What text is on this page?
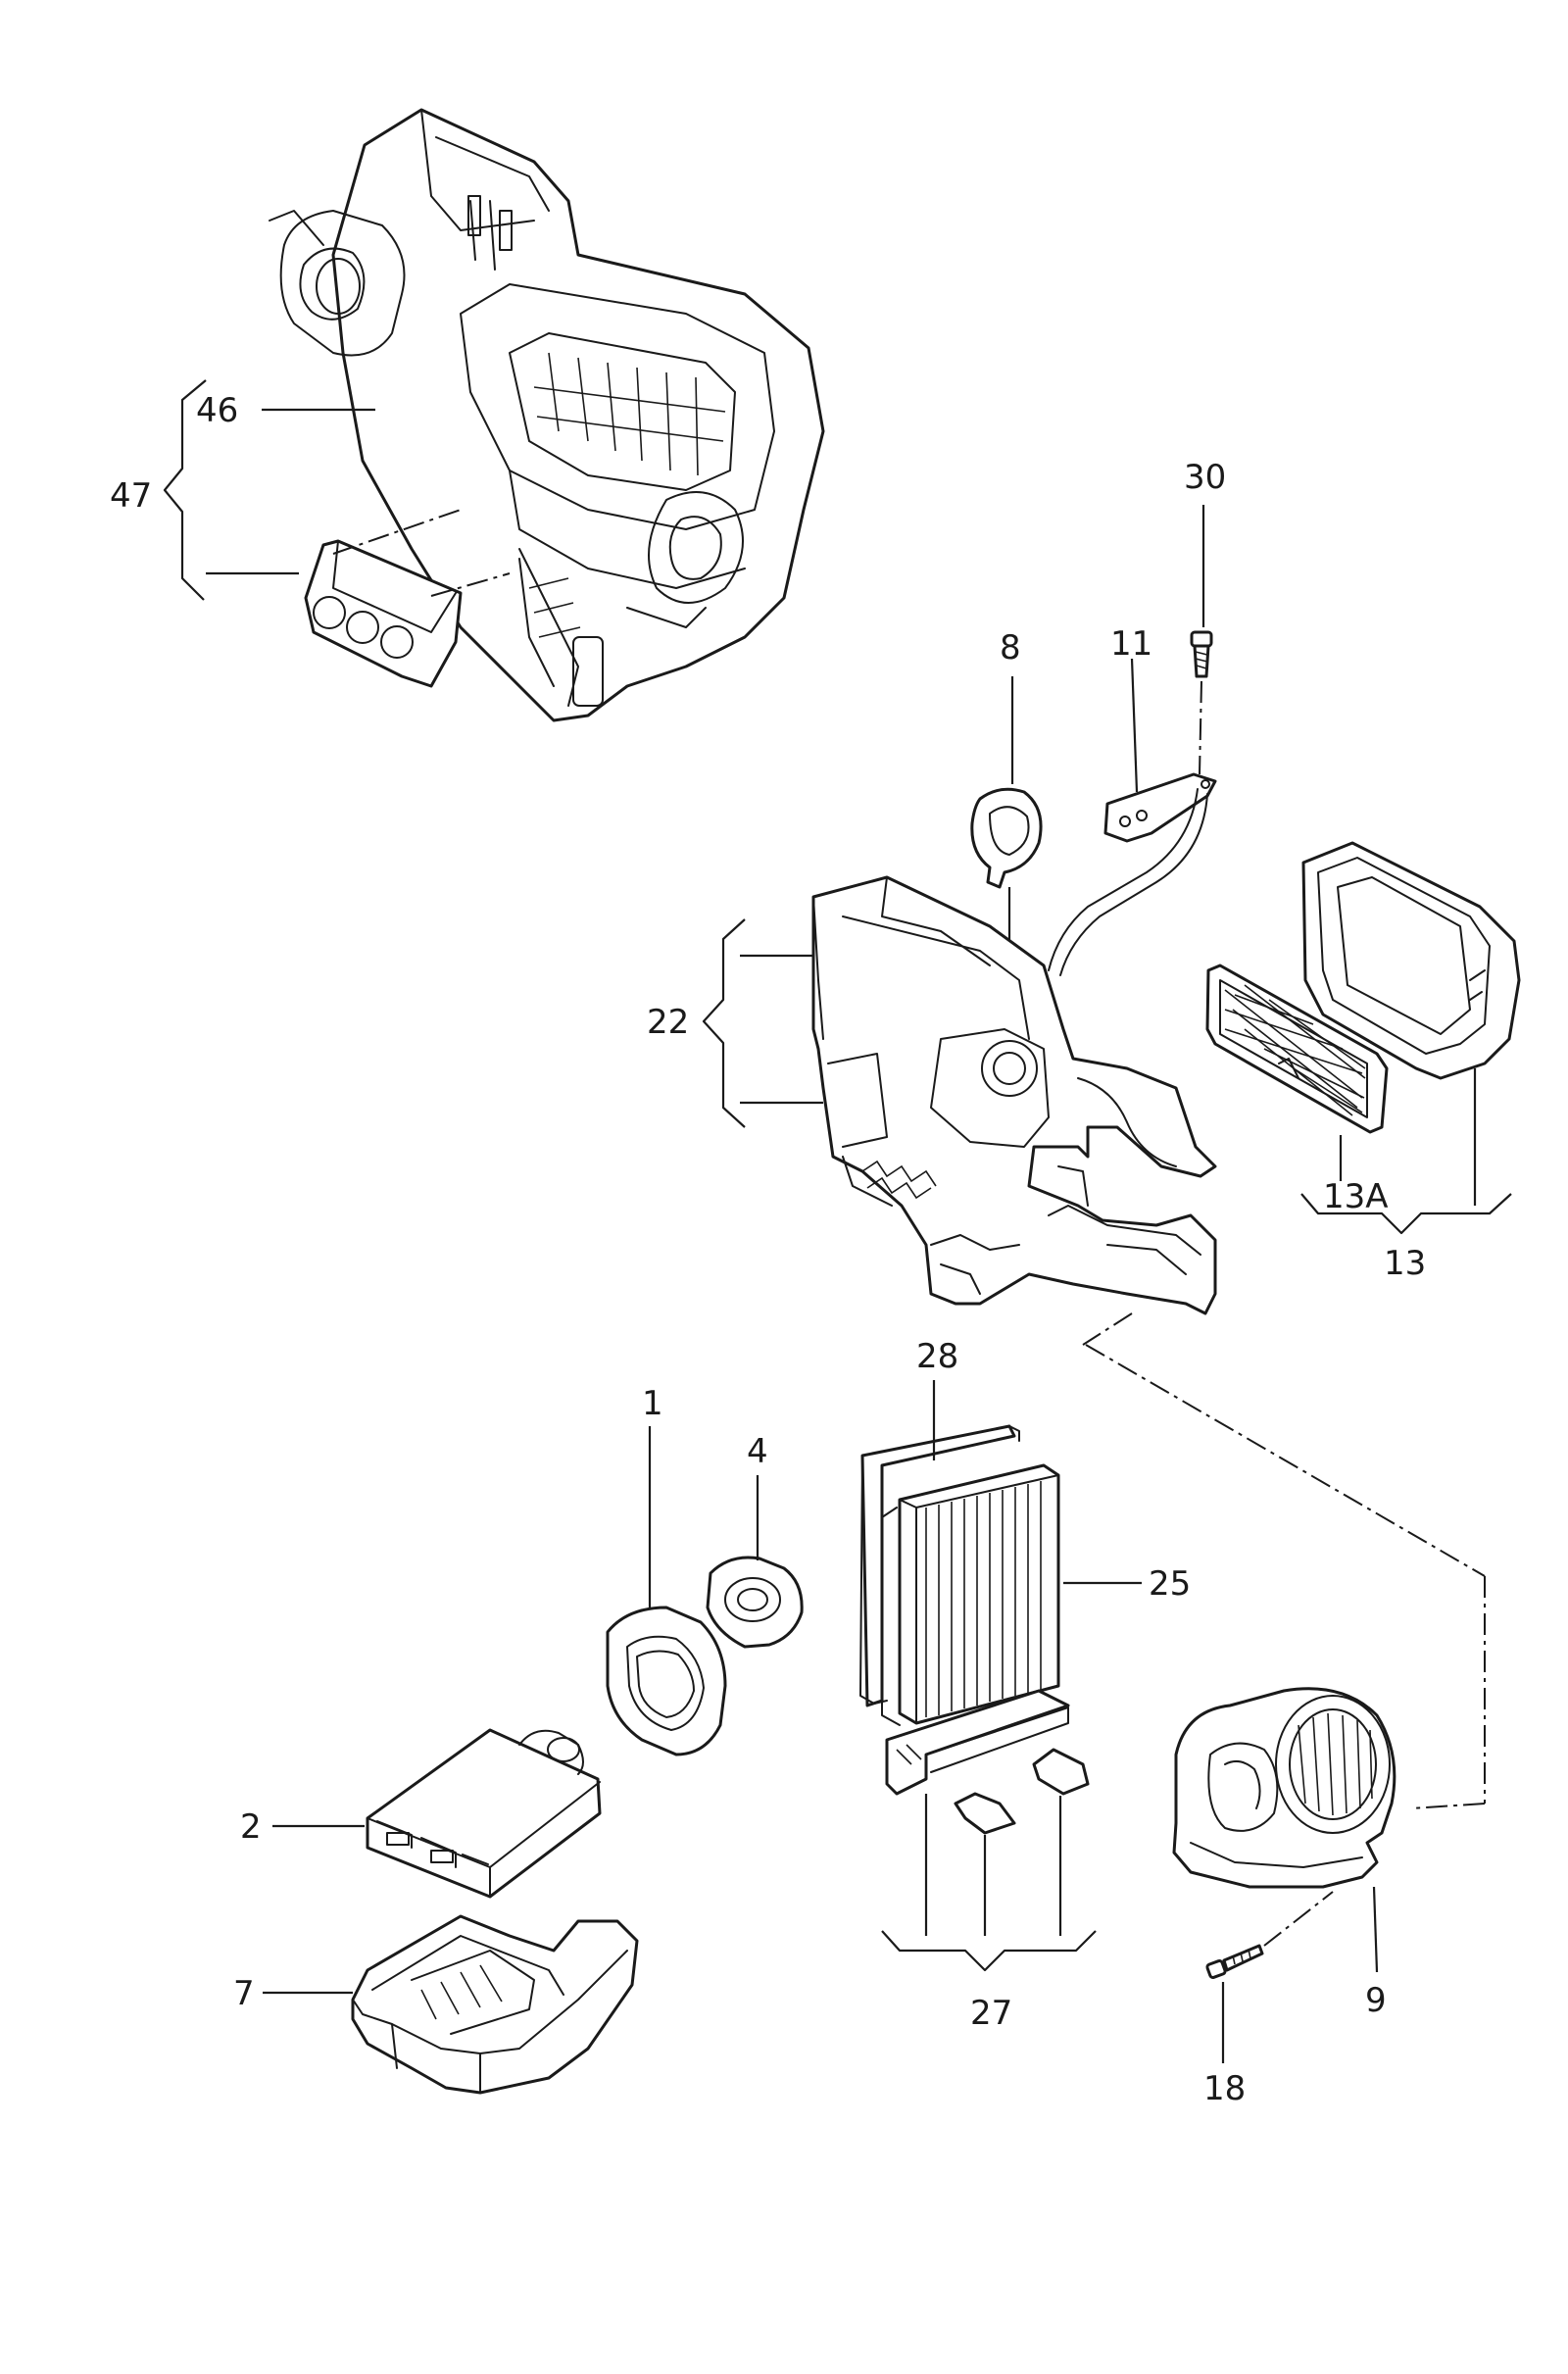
46
47	30
8	11
22
13A
13
28
25
27
1
4
2
7	9
18
